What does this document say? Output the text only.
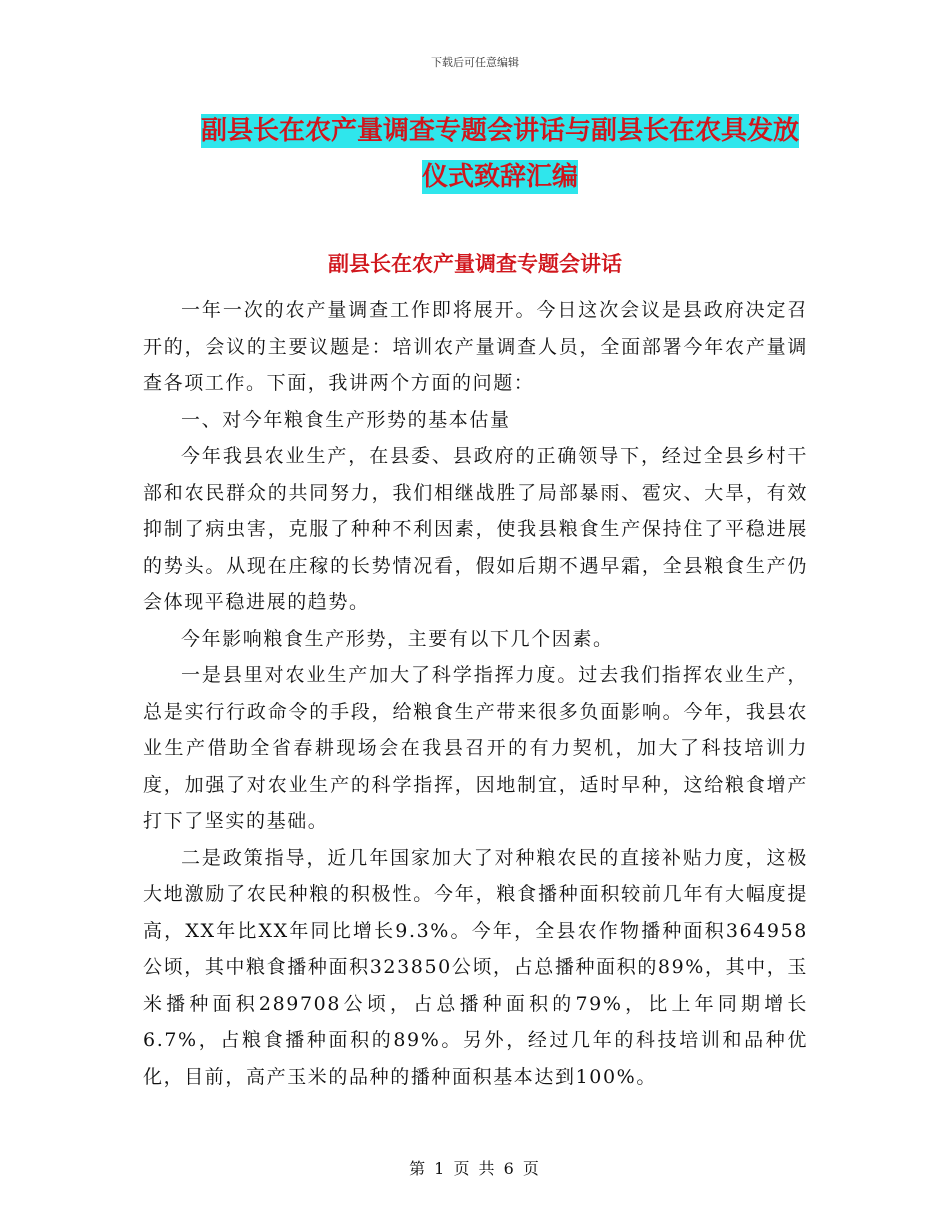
下载后可任意编辑
副县长在农产量调查专题会讲话与副县长在农具发放
仪式致辞汇编
副县长在农产量调查专题会讲话

一年一次的农产量调查工作即将展开。今日这次会议是县政府决定召开的，会议的主要议题是：培训农产量调查人员，全面部署今年农产量调查各项工作。下面，我讲两个方面的问题：

一、对今年粮食生产形势的基本估量

今年我县农业生产，在县委、县政府的正确领导下，经过全县乡村干部和农民群众的共同努力，我们相继战胜了局部暴雨、雹灾、大旱，有效抑制了病虫害，克服了种种不利因素，使我县粮食生产保持住了平稳进展的势头。从现在庄稼的长势情况看，假如后期不遇早霜，全县粮食生产仍会体现平稳进展的趋势。

今年影响粮食生产形势，主要有以下几个因素。

一是县里对农业生产加大了科学指挥力度。过去我们指挥农业生产，总是实行行政命令的手段，给粮食生产带来很多负面影响。今年，我县农业生产借助全省春耕现场会在我县召开的有力契机，加大了科技培训力度，加强了对农业生产的科学指挥，因地制宜，适时早种，这给粮食增产打下了坚实的基础。

二是政策指导，近几年国家加大了对种粮农民的直接补贴力度，这极大地激励了农民种粮的积极性。今年，粮食播种面积较前几年有大幅度提高，XX年比XX年同比增长9.3%。今年，全县农作物播种面积364958公顷，其中粮食播种面积323850公顷，占总播种面积的89%，其中，玉米播种面积289708公顷，占总播种面积的79%，比上年同期增长6.7%，占粮食播种面积的89%。另外，经过几年的科技培训和品种优化，目前，高产玉米的品种的播种面积基本达到100%。

第 1 页 共 6 页
